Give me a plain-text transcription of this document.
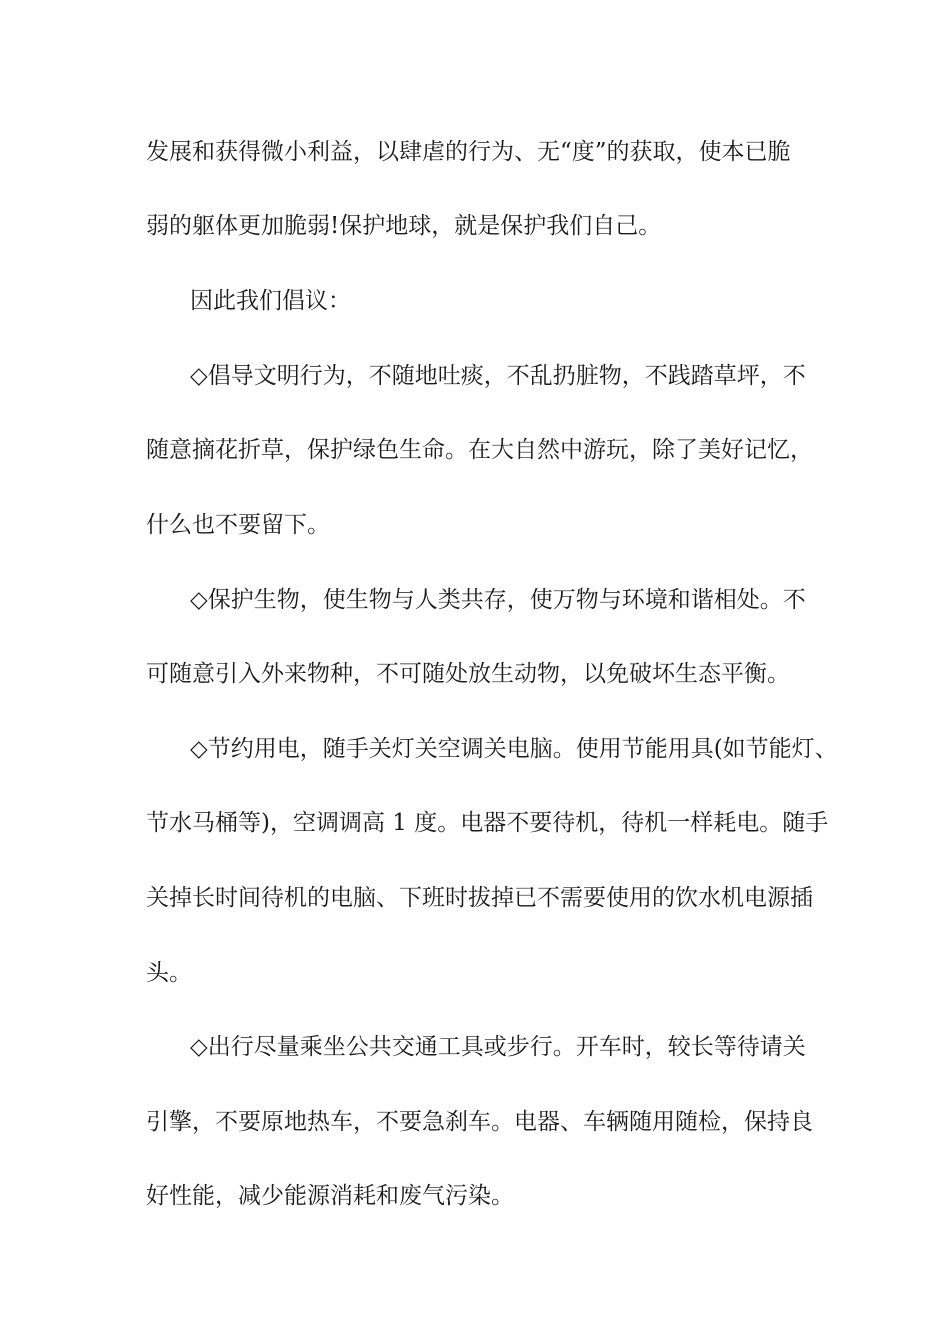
发展和获得微小利益，以肆虐的行为、无“度”的获取，使本已脆

弱的躯体更加脆弱!保护地球，就是保护我们自己。

因此我们倡议：

◇倡导文明行为，不随地吐痰，不乱扔脏物，不践踏草坪，不

随意摘花折草，保护绿色生命。在大自然中游玩，除了美好记忆，

什么也不要留下。

◇保护生物，使生物与人类共存，使万物与环境和谐相处。不

可随意引入外来物种，不可随处放生动物，以免破坏生态平衡。

◇节约用电，随手关灯关空调关电脑。使用节能用具(如节能灯、

节水马桶等)，空调调高 1 度。电器不要待机，待机一样耗电。随手

关掉长时间待机的电脑、下班时拔掉已不需要使用的饮水机电源插

头。

◇出行尽量乘坐公共交通工具或步行。开车时，较长等待请关

引擎，不要原地热车，不要急刹车。电器、车辆随用随检，保持良

好性能，减少能源消耗和废气污染。
